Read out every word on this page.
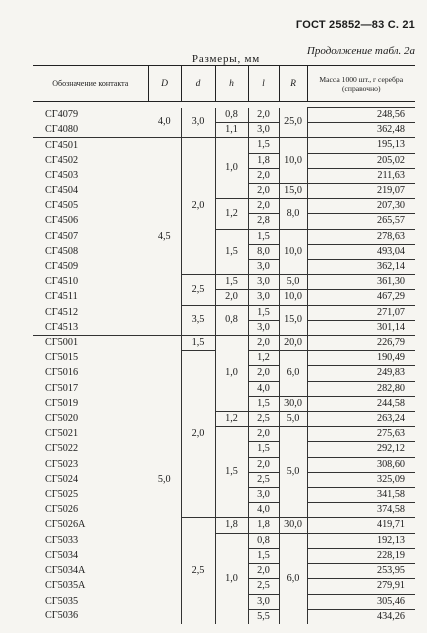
ГОСТ 25852—83 С. 21
Размеры, мм
Продолжение табл. 2а
Обозначение контакта	D	d	h	l	R	Масса 1000 шт., г серебра (справочно)

СГ4079	4,0	3,0	0,8	2,0	25,0	248,56
СГ4080			1,1	3,0		362,48
СГ4501	4,5	2,0	1,0	1,5	10,0	195,13
СГ4502				1,8		205,02
СГ4503				2,0		211,63
СГ4504				2,0	15,0	219,07
СГ4505			1,2	2,0	8,0	207,30
СГ4506				2,8		265,57
СГ4507			1,5	1,5	10,0	278,63
СГ4508				8,0		493,04
СГ4509				3,0		362,14
СГ4510		2,5	1,5	3,0	5,0	361,30
СГ4511			2,0	3,0	10,0	467,29
СГ4512		3,5	0,8	1,5	15,0	271,07
СГ4513				3,0		301,14
СГ5001	5,0	1,5	1,0	2,0	20,0	226,79
СГ5015		2,0		1,2	6,0	190,49
СГ5016				2,0		249,83
СГ5017				4,0		282,80
СГ5019				1,5	30,0	244,58
СГ5020			1,2	2,5	5,0	263,24
СГ5021			1,5	2,0	5,0	275,63
СГ5022				1,5		292,12
СГ5023				2,0		308,60
СГ5024				2,5		325,09
СГ5025				3,0		341,58
СГ5026				4,0		374,58
СГ5026А		2,5	1,8	1,8	30,0	419,71
СГ5033			1,0	0,8	6,0	192,13
СГ5034				1,5		228,19
СГ5034А				2,0		253,95
СГ5035А				2,5		279,91
СГ5035				3,0		305,46
СГ5036				5,5		434,26
